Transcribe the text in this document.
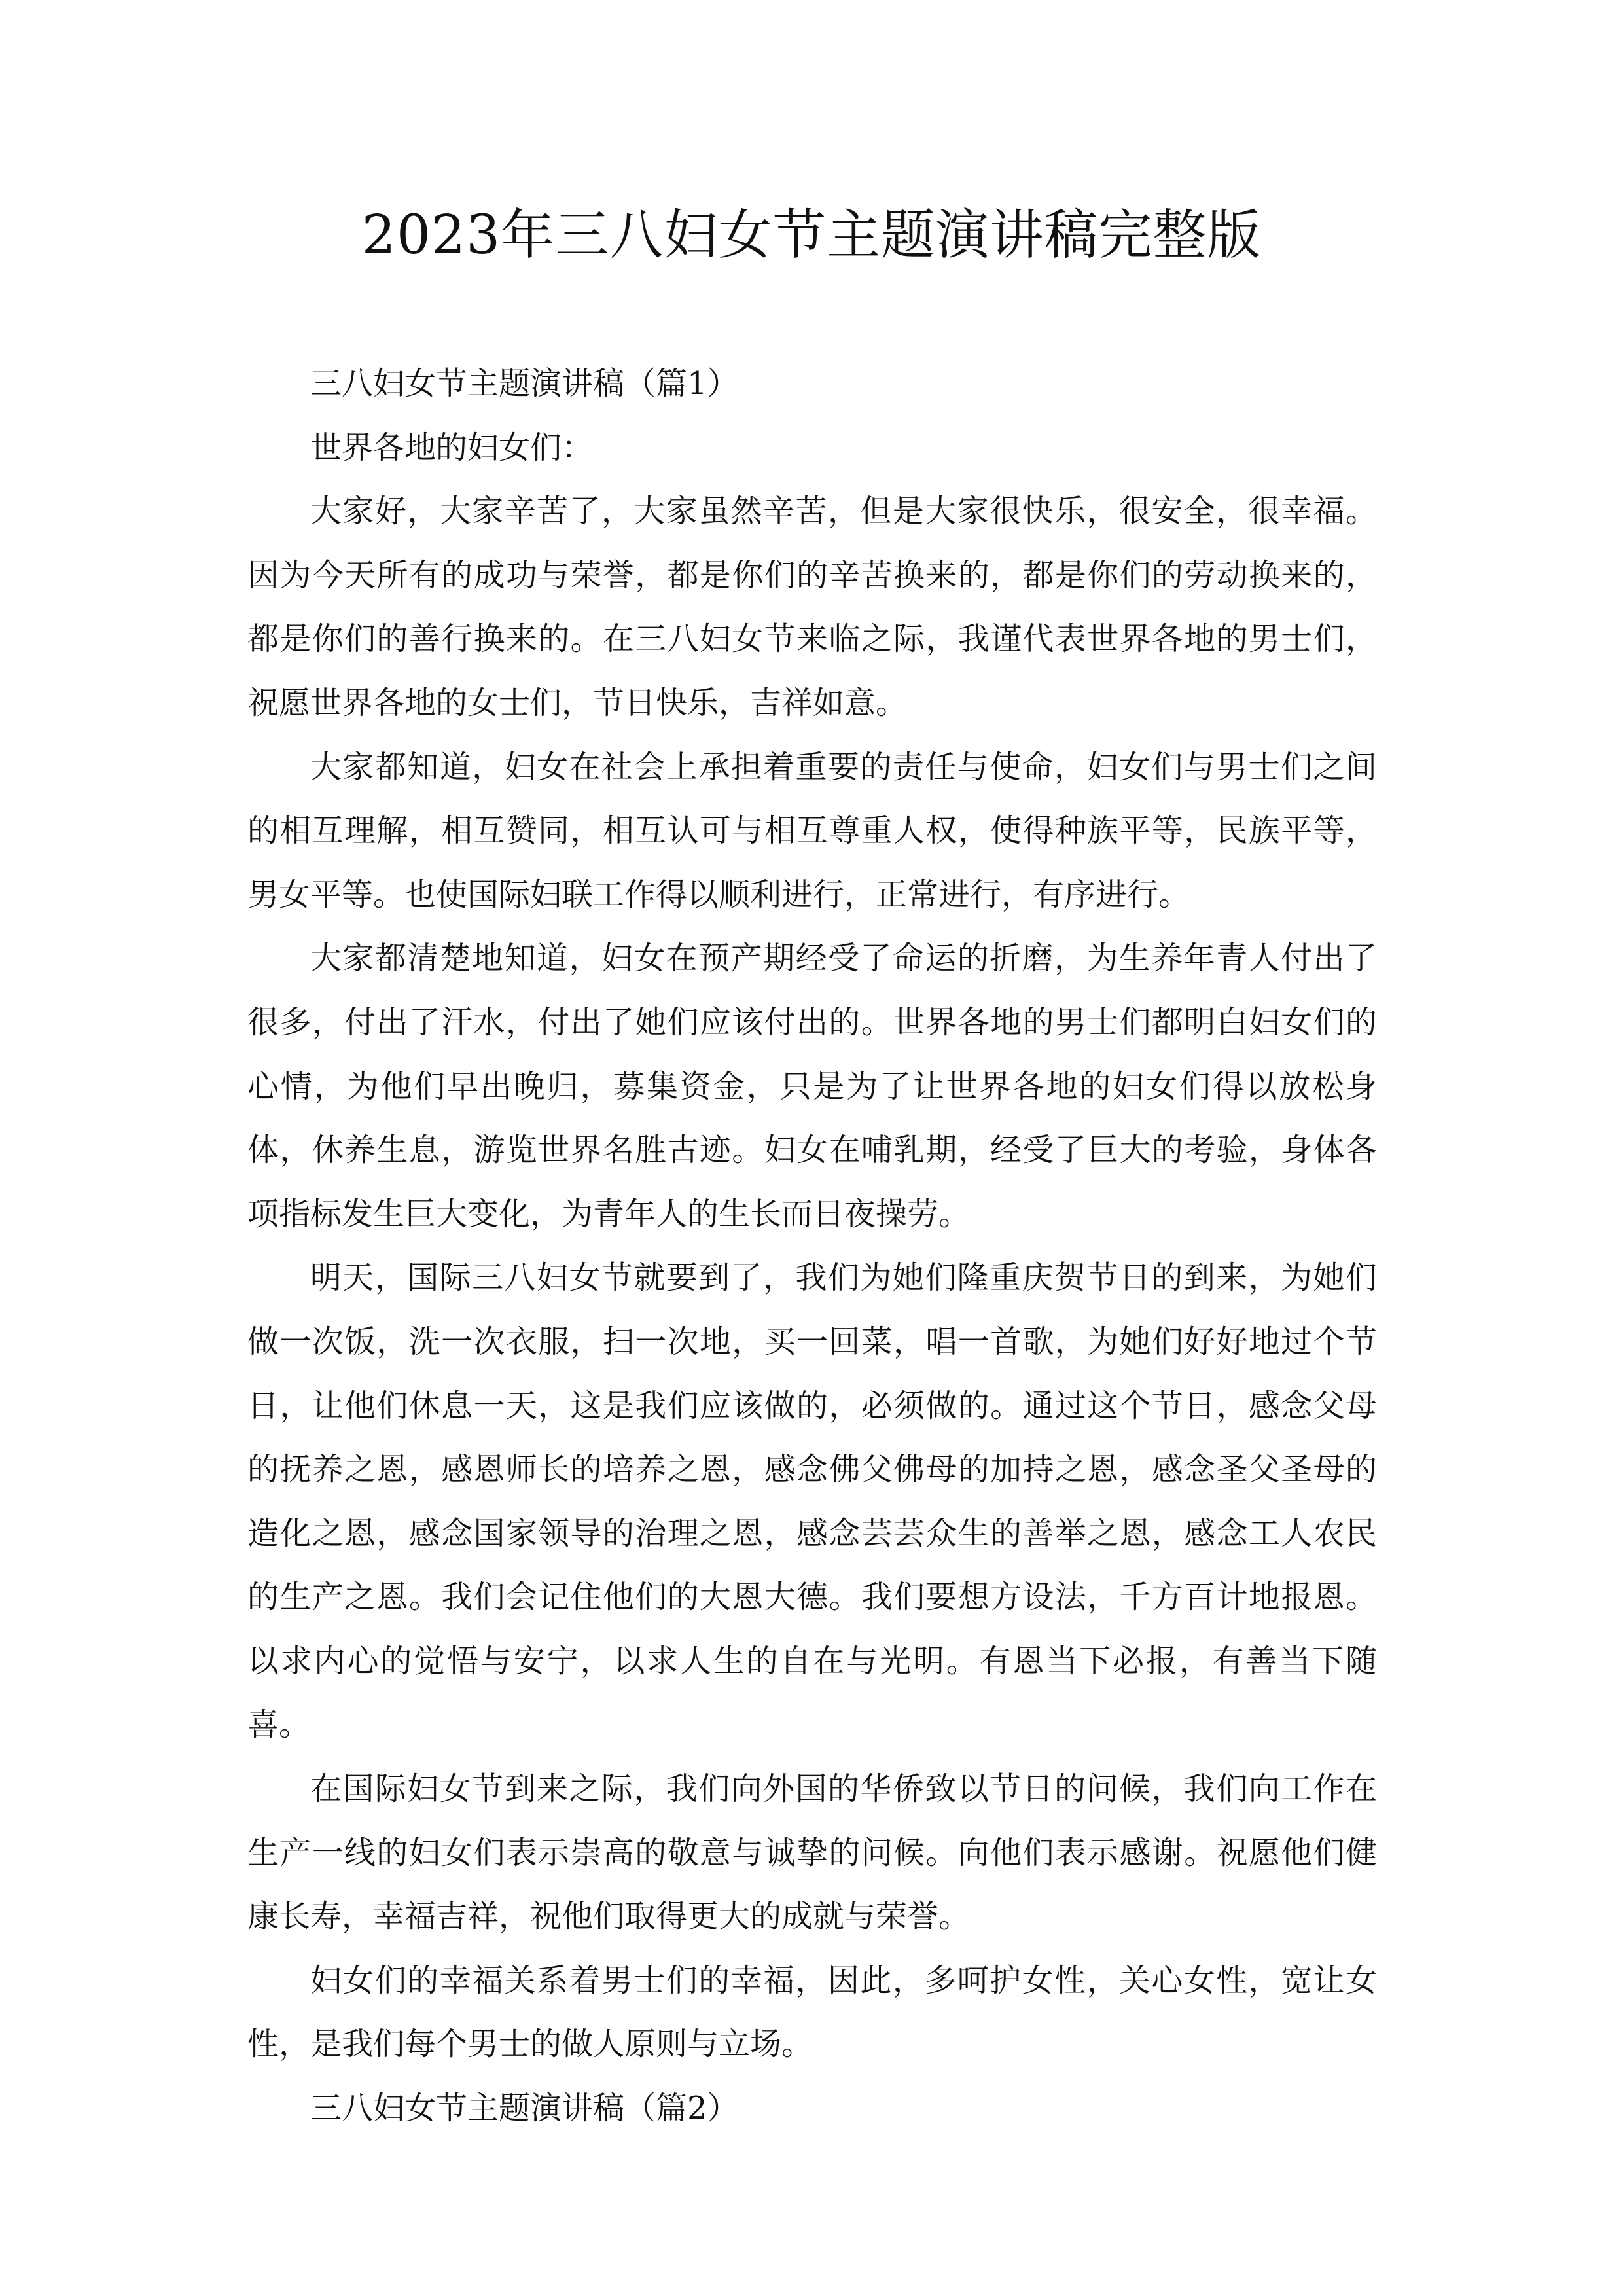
2023年三八妇女节主题演讲稿完整版

三八妇女节主题演讲稿（篇1）

世界各地的妇女们：

大家好，大家辛苦了，大家虽然辛苦，但是大家很快乐，很安全，很幸福。因为今天所有的成功与荣誉，都是你们的辛苦换来的，都是你们的劳动换来的，都是你们的善行换来的。在三八妇女节来临之际，我谨代表世界各地的男士们，祝愿世界各地的女士们，节日快乐，吉祥如意。

大家都知道，妇女在社会上承担着重要的责任与使命，妇女们与男士们之间的相互理解，相互赞同，相互认可与相互尊重人权，使得种族平等，民族平等，男女平等。也使国际妇联工作得以顺利进行，正常进行，有序进行。

大家都清楚地知道，妇女在预产期经受了命运的折磨，为生养年青人付出了很多，付出了汗水，付出了她们应该付出的。世界各地的男士们都明白妇女们的心情，为他们早出晚归，募集资金，只是为了让世界各地的妇女们得以放松身体，休养生息，游览世界名胜古迹。妇女在哺乳期，经受了巨大的考验，身体各项指标发生巨大变化，为青年人的生长而日夜操劳。

明天，国际三八妇女节就要到了，我们为她们隆重庆贺节日的到来，为她们做一次饭，洗一次衣服，扫一次地，买一回菜，唱一首歌，为她们好好地过个节日，让他们休息一天，这是我们应该做的，必须做的。通过这个节日，感念父母的抚养之恩，感恩师长的培养之恩，感念佛父佛母的加持之恩，感念圣父圣母的造化之恩，感念国家领导的治理之恩，感念芸芸众生的善举之恩，感念工人农民的生产之恩。我们会记住他们的大恩大德。我们要想方设法，千方百计地报恩。以求内心的觉悟与安宁，以求人生的自在与光明。有恩当下必报，有善当下随喜。

在国际妇女节到来之际，我们向外国的华侨致以节日的问候，我们向工作在生产一线的妇女们表示崇高的敬意与诚挚的问候。向他们表示感谢。祝愿他们健康长寿，幸福吉祥，祝他们取得更大的成就与荣誉。

妇女们的幸福关系着男士们的幸福，因此，多呵护女性，关心女性，宽让女性，是我们每个男士的做人原则与立场。

三八妇女节主题演讲稿（篇2）
